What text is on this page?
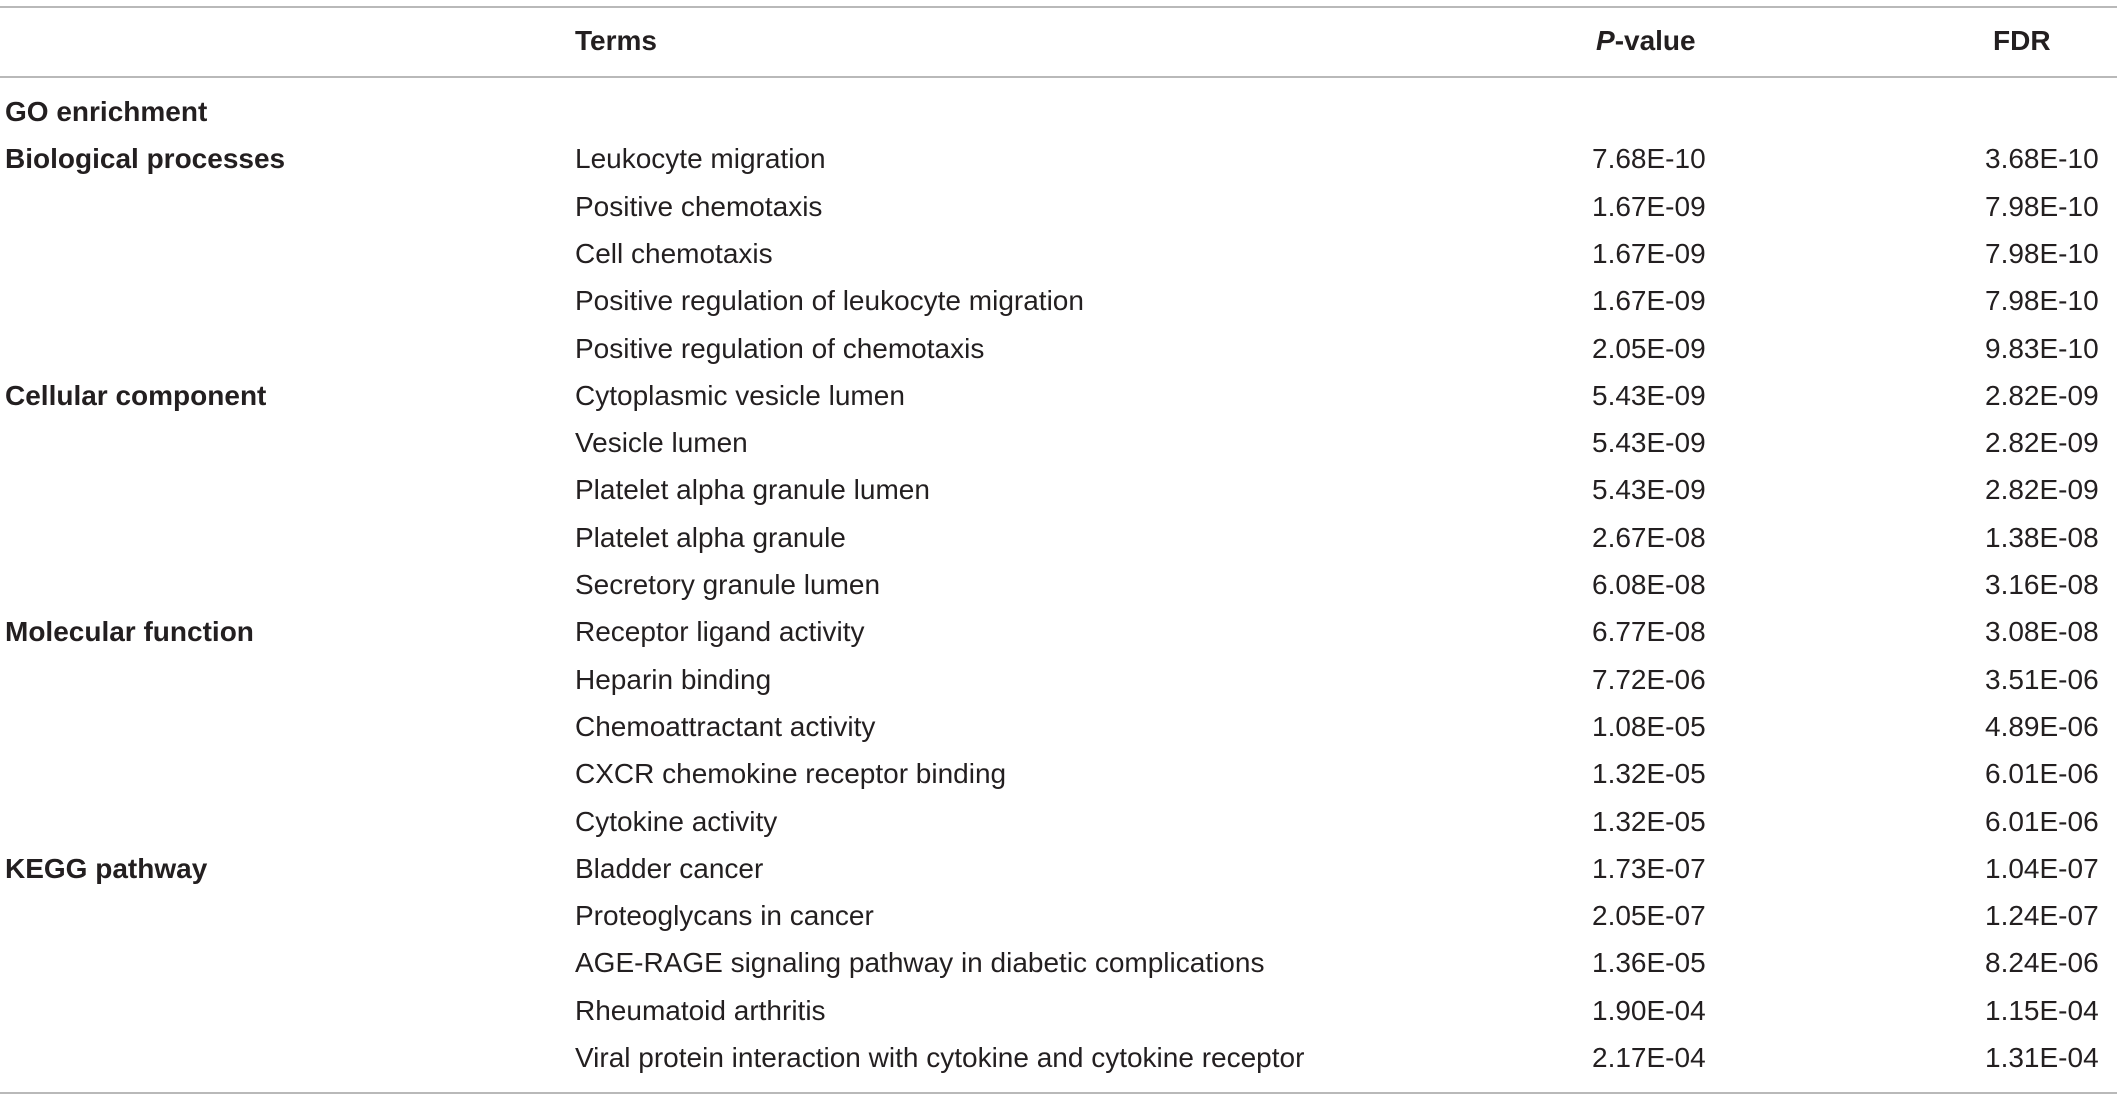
Terms	P-value	FDR
GO enrichment
Biological processes	Leukocyte migration	7.68E-10	3.68E-10
Positive chemotaxis	1.67E-09	7.98E-10
Cell chemotaxis	1.67E-09	7.98E-10
Positive regulation of leukocyte migration	1.67E-09	7.98E-10
Positive regulation of chemotaxis	2.05E-09	9.83E-10
Cellular component	Cytoplasmic vesicle lumen	5.43E-09	2.82E-09
Vesicle lumen	5.43E-09	2.82E-09
Platelet alpha granule lumen	5.43E-09	2.82E-09
Platelet alpha granule	2.67E-08	1.38E-08
Secretory granule lumen	6.08E-08	3.16E-08
Molecular function	Receptor ligand activity	6.77E-08	3.08E-08
Heparin binding	7.72E-06	3.51E-06
Chemoattractant activity	1.08E-05	4.89E-06
CXCR chemokine receptor binding	1.32E-05	6.01E-06
Cytokine activity	1.32E-05	6.01E-06
KEGG pathway	Bladder cancer	1.73E-07	1.04E-07
Proteoglycans in cancer	2.05E-07	1.24E-07
AGE-RAGE signaling pathway in diabetic complications	1.36E-05	8.24E-06
Rheumatoid arthritis	1.90E-04	1.15E-04
Viral protein interaction with cytokine and cytokine receptor	2.17E-04	1.31E-04
